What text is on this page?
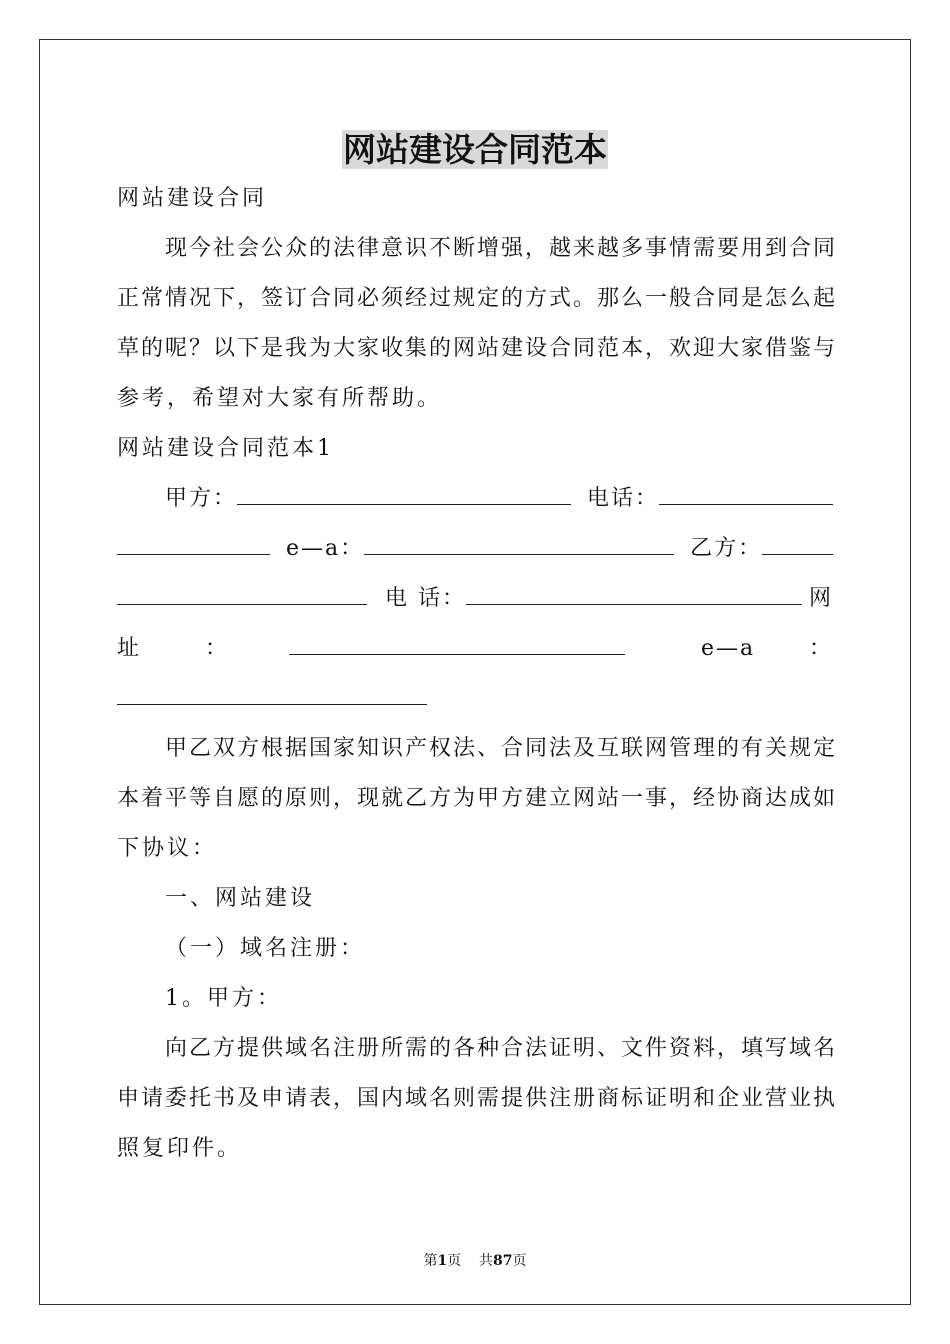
网站建设合同范本
网站建设合同
现今社会公众的法律意识不断增强，越来越多事情需要用到合同
正常情况下，签订合同必须经过规定的方式。那么一般合同是怎么起
草的呢？以下是我为大家收集的网站建设合同范本，欢迎大家借鉴与
参考，希望对大家有所帮助。
网站建设合同范本1
甲方：	电话：
e—a：	乙方：
电 话：	网
址	：	e—a ：
甲乙双方根据国家知识产权法、合同法及互联网管理的有关规定
本着平等自愿的原则，现就乙方为甲方建立网站一事，经协商达成如
下协议：
一、网站建设
（一）域名注册：
1。甲方：
向乙方提供域名注册所需的各种合法证明、文件资料，填写域名
申请委托书及申请表，国内域名则需提供注册商标证明和企业营业执
照复印件。
第1页 共87页
